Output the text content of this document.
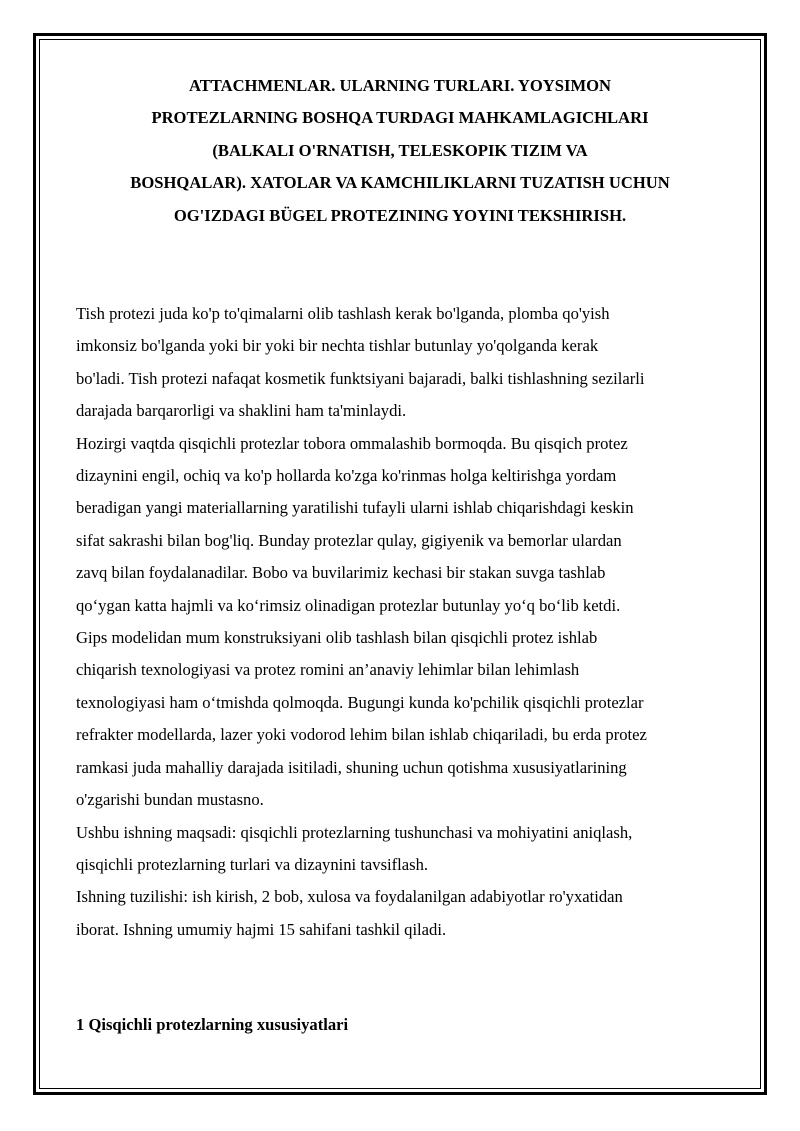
ATTACHMENLAR. ULARNING TURLARI. YOYSIMON
PROTEZLARNING BOSHQA TURDAGI MAHKAMLAGICHLARI
(BALKALI O'RNATISH, TELESKOPIK TIZIM VA
BOSHQALAR). XATOLAR VA KAMCHILIKLARNI TUZATISH UCHUN
OG'IZDAGI BÜGEL PROTEZINING YOYINI TEKSHIRISH.
Tish protezi juda ko'p to'qimalarni olib tashlash kerak bo'lganda, plomba qo'yish
imkonsiz bo'lganda yoki bir yoki bir nechta tishlar butunlay yo'qolganda kerak
bo'ladi. Tish protezi nafaqat kosmetik funktsiyani bajaradi, balki tishlashning sezilarli
darajada barqarorligi va shaklini ham ta'minlaydi.
Hozirgi vaqtda qisqichli protezlar tobora ommalashib bormoqda. Bu qisqich protez
dizaynini engil, ochiq va ko'p hollarda ko'zga ko'rinmas holga keltirishga yordam
beradigan yangi materiallarning yaratilishi tufayli ularni ishlab chiqarishdagi keskin
sifat sakrashi bilan bog'liq. Bunday protezlar qulay, gigiyenik va bemorlar ulardan
zavq bilan foydalanadilar. Bobo va buvilarimiz kechasi bir stakan suvga tashlab
qo‘ygan katta hajmli va ko‘rimsiz olinadigan protezlar butunlay yo‘q bo‘lib ketdi.
Gips modelidan mum konstruksiyani olib tashlash bilan qisqichli protez ishlab
chiqarish texnologiyasi va protez romini an’anaviy lehimlar bilan lehimlash
texnologiyasi ham o‘tmishda qolmoqda. Bugungi kunda ko'pchilik qisqichli protezlar
refrakter modellarda, lazer yoki vodorod lehim bilan ishlab chiqariladi, bu erda protez
ramkasi juda mahalliy darajada isitiladi, shuning uchun qotishma xususiyatlarining
o'zgarishi bundan mustasno.
Ushbu ishning maqsadi: qisqichli protezlarning tushunchasi va mohiyatini aniqlash,
qisqichli protezlarning turlari va dizaynini tavsiflash.
Ishning tuzilishi: ish kirish, 2 bob, xulosa va foydalanilgan adabiyotlar ro'yxatidan
iborat. Ishning umumiy hajmi 15 sahifani tashkil qiladi.
1 Qisqichli protezlarning xususiyatlari
